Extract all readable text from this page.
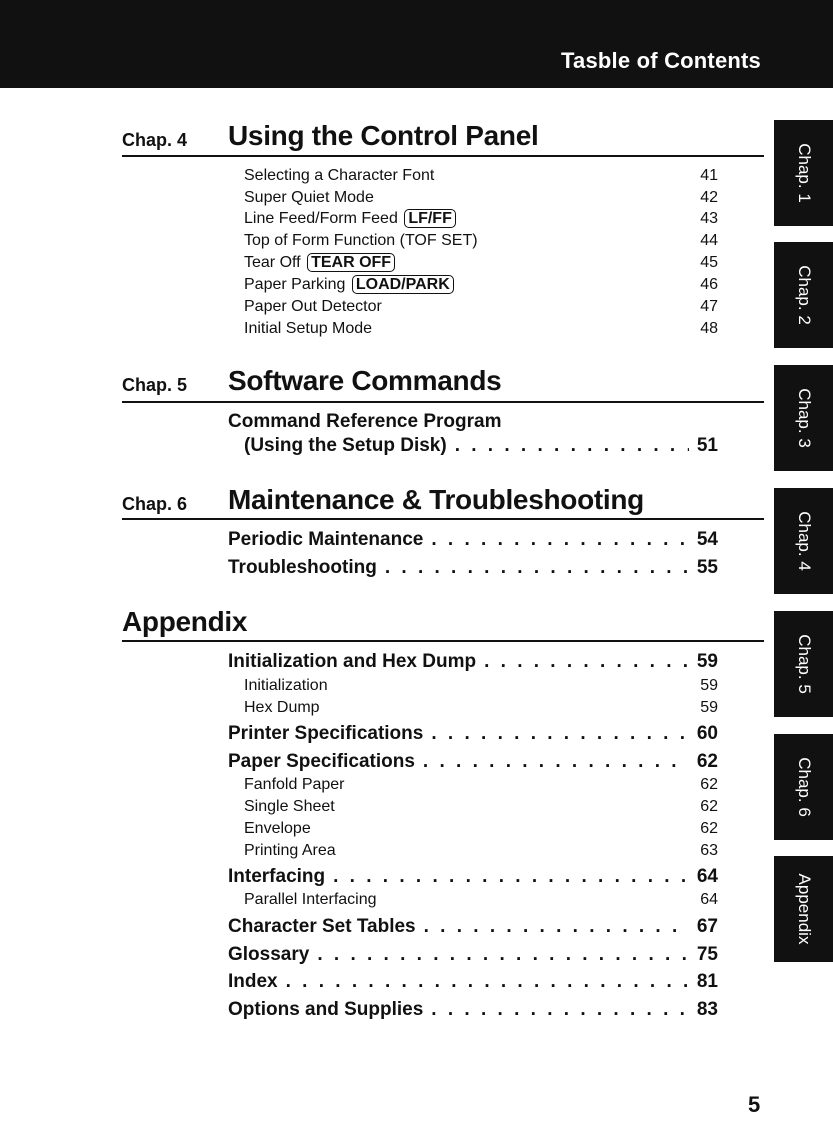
Tasble of Contents
Chap. 4 Using the Control Panel
Selecting a Character Font	41
Super Quiet Mode	42
Line Feed/Form Feed LF/FF	43
Top of Form Function (TOF SET)	44
Tear Off TEAR OFF	45
Paper Parking LOAD/PARK	46
Paper Out Detector	47
Initial Setup Mode	48
Chap. 5 Software Commands
Command Reference Program
(Using the Setup Disk) . . .	51
Chap. 6 Maintenance & Troubleshooting
Periodic Maintenance . . .	54
Troubleshooting . . .	55
Appendix
Initialization and Hex Dump . . .	59
Initialization	59
Hex Dump	59
Printer Specifications . . .	60
Paper Specifications . . .	62
Fanfold Paper	62
Single Sheet	62
Envelope	62
Printing Area	63
Interfacing . . .	64
Parallel Interfacing	64
Character Set Tables . . .	67
Glossary . . .	75
Index . . .	81
Options and Supplies . . .	83
Chap. 1
Chap. 2
Chap. 3
Chap. 4
Chap. 5
Chap. 6
Appendix
5
